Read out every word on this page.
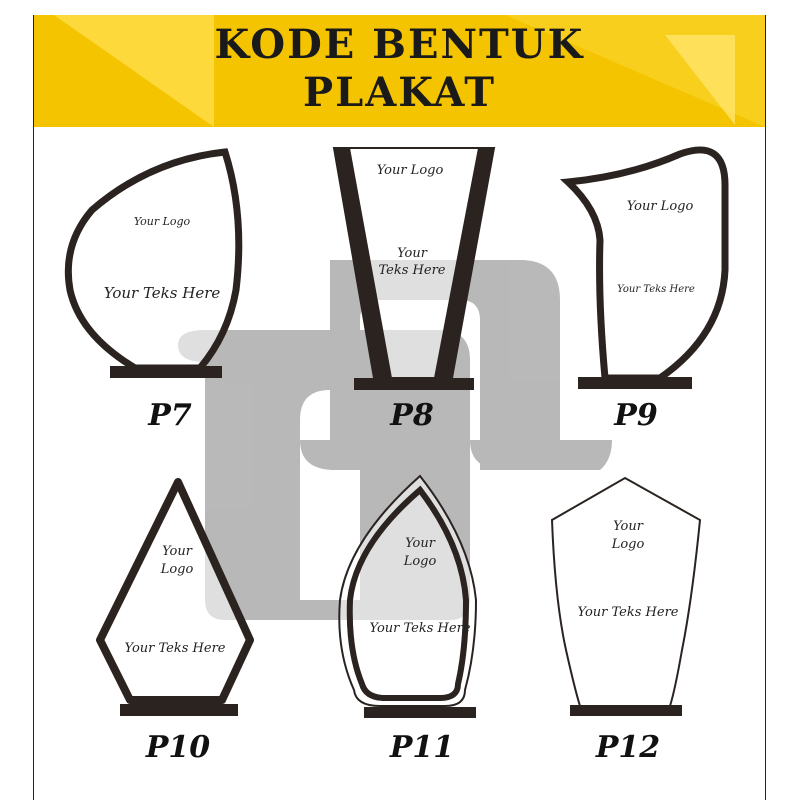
KODE BENTUK
PLAKAT
Your Logo
Your Teks Here
P7
Your Logo
Your
Teks Here
P8
Your Logo
Your Teks Here
P9
Your
Logo
Your Teks Here
P10
Your
Logo
Your Teks Here
P11
Your
Logo
Your Teks Here
P12
